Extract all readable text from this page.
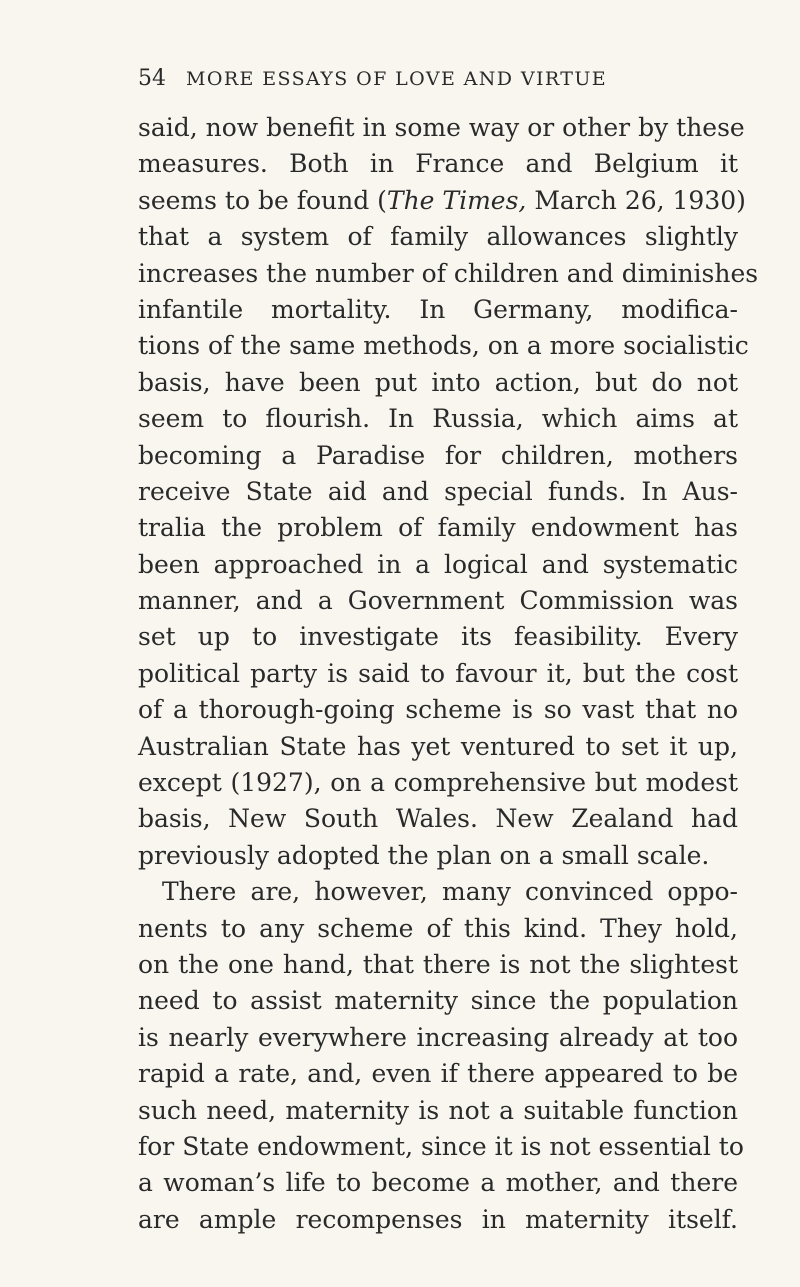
54 MORE ESSAYS OF LOVE AND VIRTUE
said, now benefit in some way or other by these
measures. Both in France and Belgium it
seems to be found (The Times, March 26, 1930)
that a system of family allowances slightly
increases the number of children and diminishes
infantile mortality. In Germany, modifica-
tions of the same methods, on a more socialistic
basis, have been put into action, but do not
seem to flourish. In Russia, which aims at
becoming a Paradise for children, mothers
receive State aid and special funds. In Aus-
tralia the problem of family endowment has
been approached in a logical and systematic
manner, and a Government Commission was
set up to investigate its feasibility. Every
political party is said to favour it, but the cost
of a thorough-going scheme is so vast that no
Australian State has yet ventured to set it up,
except (1927), on a comprehensive but modest
basis, New South Wales. New Zealand had
previously adopted the plan on a small scale.
There are, however, many convinced oppo-
nents to any scheme of this kind. They hold,
on the one hand, that there is not the slightest
need to assist maternity since the population
is nearly everywhere increasing already at too
rapid a rate, and, even if there appeared to be
such need, maternity is not a suitable function
for State endowment, since it is not essential to
a woman’s life to become a mother, and there
are ample recompenses in maternity itself.
